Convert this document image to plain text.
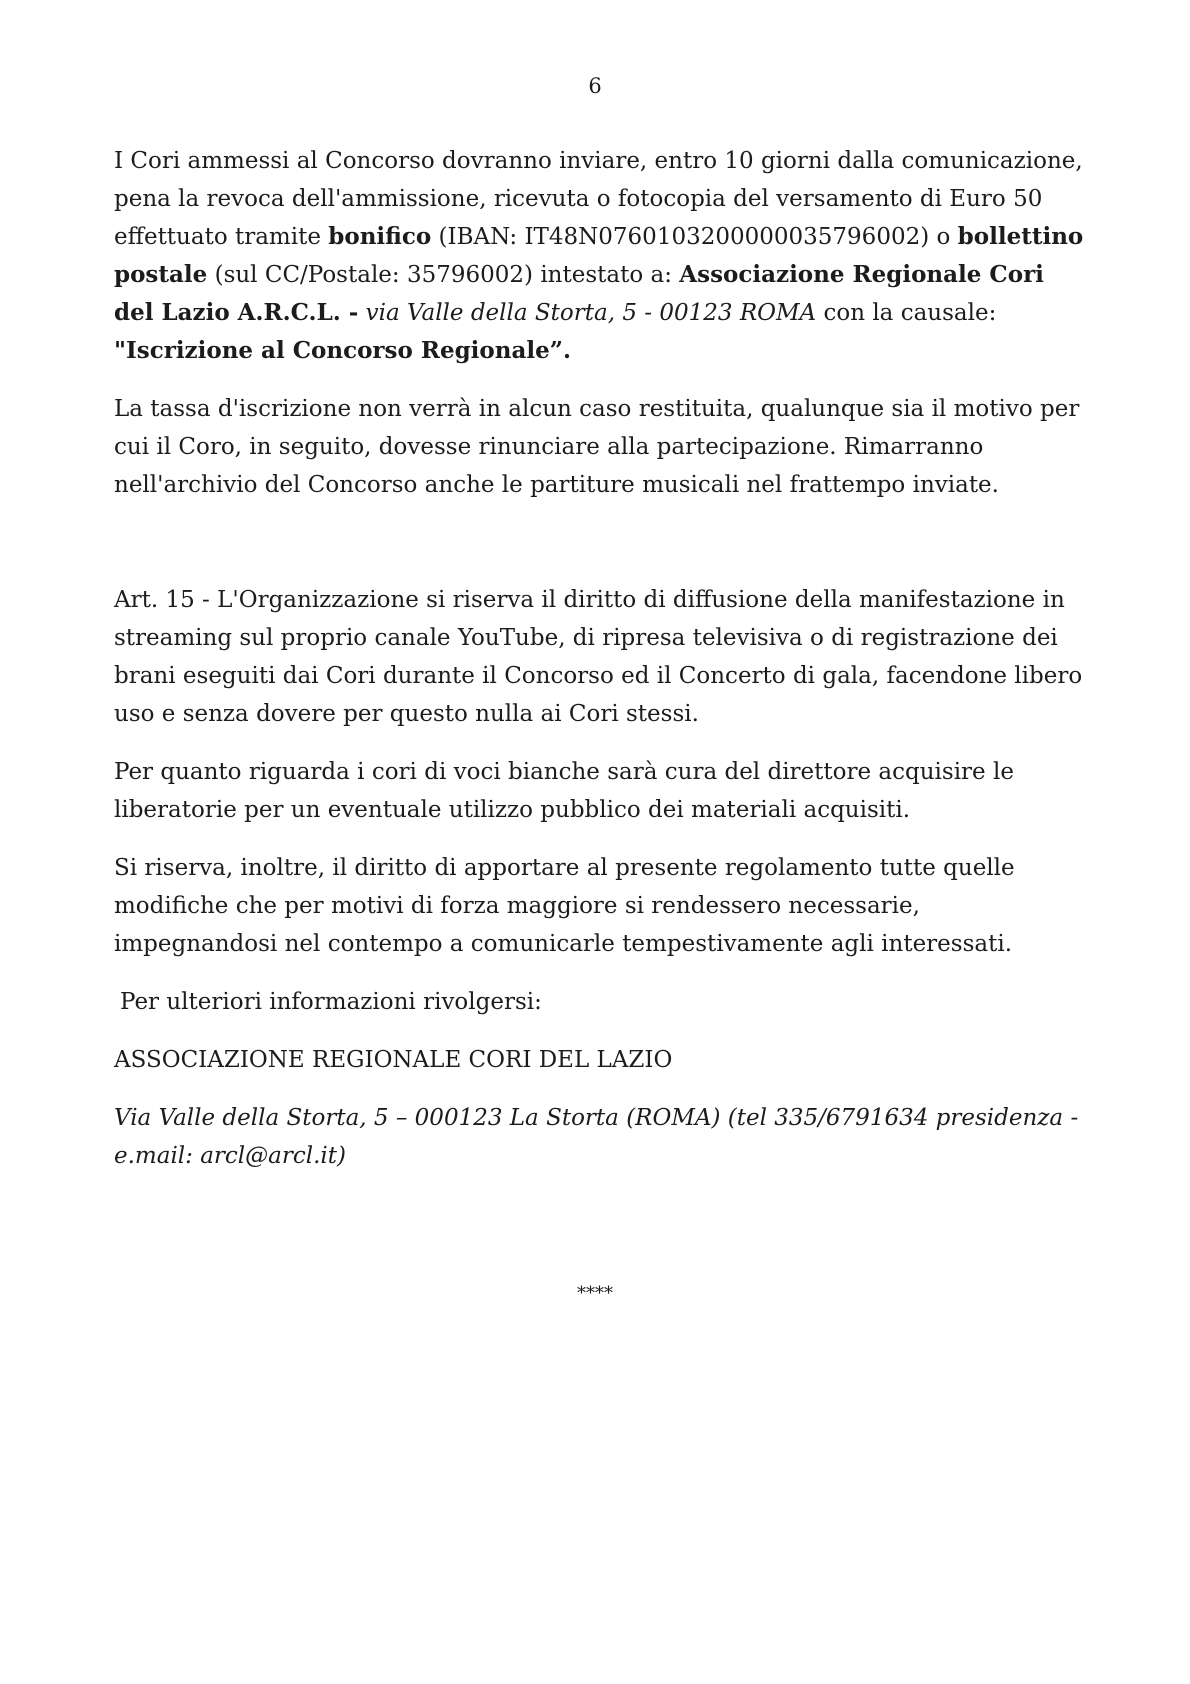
6

I Cori ammessi al Concorso dovranno inviare, entro 10 giorni dalla comunicazione, pena la revoca dell'ammissione, ricevuta o fotocopia del versamento di Euro 50 effettuato tramite bonifico (IBAN: IT48N0760103200000035796002) o bollettino postale (sul CC/Postale: 35796002) intestato a: Associazione Regionale Cori del Lazio A.R.C.L. - via Valle della Storta, 5 - 00123 ROMA con la causale: "Iscrizione al Concorso Regionale”.

La tassa d'iscrizione non verrà in alcun caso restituita, qualunque sia il motivo per cui il Coro, in seguito, dovesse rinunciare alla partecipazione. Rimarranno nell'archivio del Concorso anche le partiture musicali nel frattempo inviate.

Art. 15 - L'Organizzazione si riserva il diritto di diffusione della manifestazione in streaming sul proprio canale YouTube, di ripresa televisiva o di registrazione dei brani eseguiti dai Cori durante il Concorso ed il Concerto di gala, facendone libero uso e senza dovere per questo nulla ai Cori stessi.

Per quanto riguarda i cori di voci bianche sarà cura del direttore acquisire le liberatorie per un eventuale utilizzo pubblico dei materiali acquisiti.

Si riserva, inoltre, il diritto di apportare al presente regolamento tutte quelle modifiche che per motivi di forza maggiore si rendessero necessarie, impegnandosi nel contempo a comunicarle tempestivamente agli interessati.

Per ulteriori informazioni rivolgersi:

ASSOCIAZIONE REGIONALE CORI DEL LAZIO

Via Valle della Storta, 5 – 000123 La Storta (ROMA) (tel 335/6791634 presidenza - e.mail: arcl@arcl.it)

****
